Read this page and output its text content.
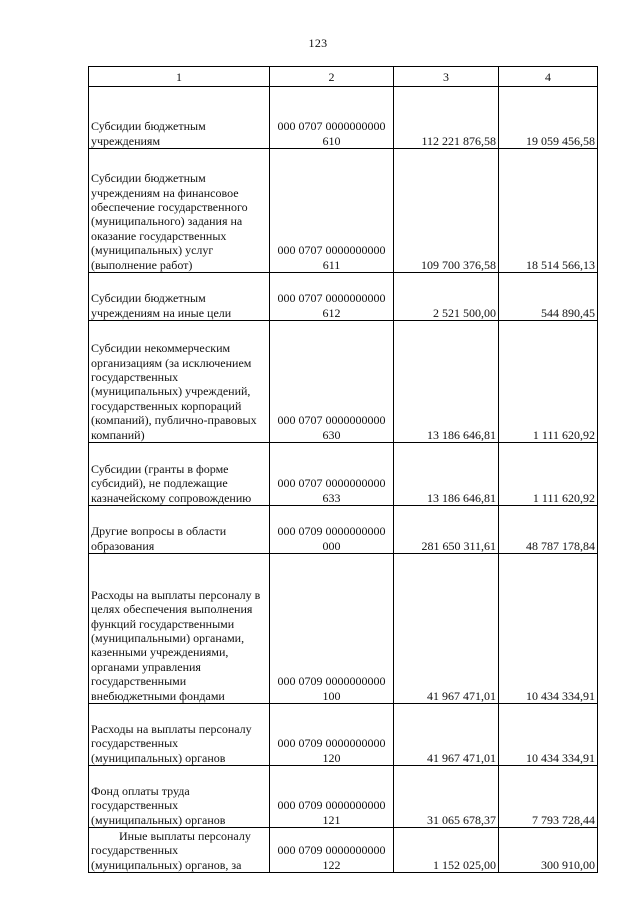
123
1	2	3	4
Субсидии бюджетным учреждениям	000 0707 0000000000 610	112 221 876,58	19 059 456,58
Субсидии бюджетным учреждениям на финансовое обеспечение государственного (муниципального) задания на оказание государственных (муниципальных) услуг (выполнение работ)	000 0707 0000000000 611	109 700 376,58	18 514 566,13
Субсидии бюджетным учреждениям на иные цели	000 0707 0000000000 612	2 521 500,00	544 890,45
Субсидии некоммерческим организациям (за исключением государственных (муниципальных) учреждений, государственных корпораций (компаний), публично-правовых компаний)	000 0707 0000000000 630	13 186 646,81	1 111 620,92
Субсидии (гранты в форме субсидий), не подлежащие казначейскому сопровождению	000 0707 0000000000 633	13 186 646,81	1 111 620,92
Другие вопросы в области образования	000 0709 0000000000 000	281 650 311,61	48 787 178,84
Расходы на выплаты персоналу в целях обеспечения выполнения функций государственными (муниципальными) органами, казенными учреждениями, органами управления государственными внебюджетными фондами	000 0709 0000000000 100	41 967 471,01	10 434 334,91
Расходы на выплаты персоналу государственных (муниципальных) органов	000 0709 0000000000 120	41 967 471,01	10 434 334,91
Фонд оплаты труда государственных (муниципальных) органов	000 0709 0000000000 121	31 065 678,37	7 793 728,44

Иные выплаты персоналу государственных (муниципальных) органов, за	000 0709 0000000000 122	1 152 025,00	300 910,00
